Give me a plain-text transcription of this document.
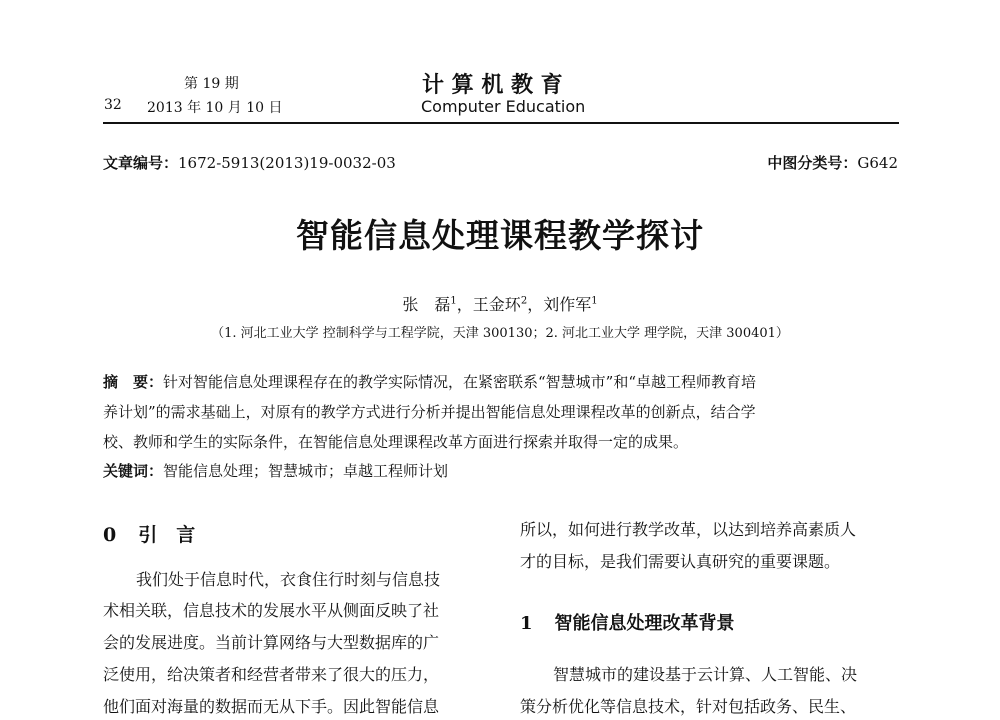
第 19 期
32 2013 年 10 月 10 日
计 算 机 教 育
Computer Education
文章编号：1672-5913(2013)19-0032-03	中图分类号：G642
智能信息处理课程教学探讨
张　磊$^1$，王金环$^2$，刘作军$^1$
（1. 河北工业大学 控制科学与工程学院，天津 300130；2. 河北工业大学 理学院，天津 300401）
摘　要：针对智能信息处理课程存在的教学实际情况，在紧密联系“智慧城市”和“卓越工程师教育培
养计划”的需求基础上，对原有的教学方式进行分析并提出智能信息处理课程改革的创新点，结合学
校、教师和学生的实际条件，在智能信息处理课程改革方面进行探索并取得一定的成果。
关键词：智能信息处理；智慧城市；卓越工程师计划
0 引　言
我们处于信息时代，衣食住行时刻与信息技
术相关联，信息技术的发展水平从侧面反映了社
会的发展进度。当前计算网络与大型数据库的广
泛使用，给决策者和经营者带来了很大的压力，
他们面对海量的数据而无从下手。因此智能信息
所以，如何进行教学改革，以达到培养高素质人
才的目标，是我们需要认真研究的重要课题。
1 智能信息处理改革背景
智慧城市的建设基于云计算、人工智能、决
策分析优化等信息技术，针对包括政务、民生、
